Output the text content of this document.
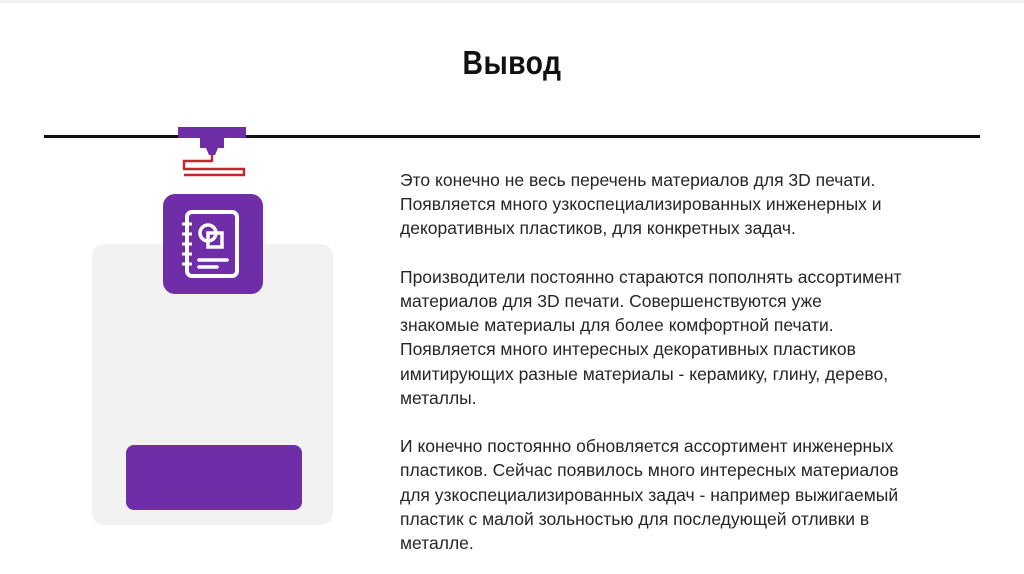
Вывод

Это конечно не весь перечень материалов для 3D печати.
Появляется много узкоспециализированных инженерных и
декоративных пластиков, для конкретных задач.

Производители постоянно стараются пополнять ассортимент
материалов для 3D печати. Совершенствуются уже
знакомые материалы для более комфортной печати.
Появляется много интересных декоративных пластиков
имитирующих разные материалы - керамику, глину, дерево,
металлы.

И конечно постоянно обновляется ассортимент инженерных
пластиков. Сейчас появилось много интересных материалов
для узкоспециализированных задач - например выжигаемый
пластик с малой зольностью для последующей отливки в
металле.
